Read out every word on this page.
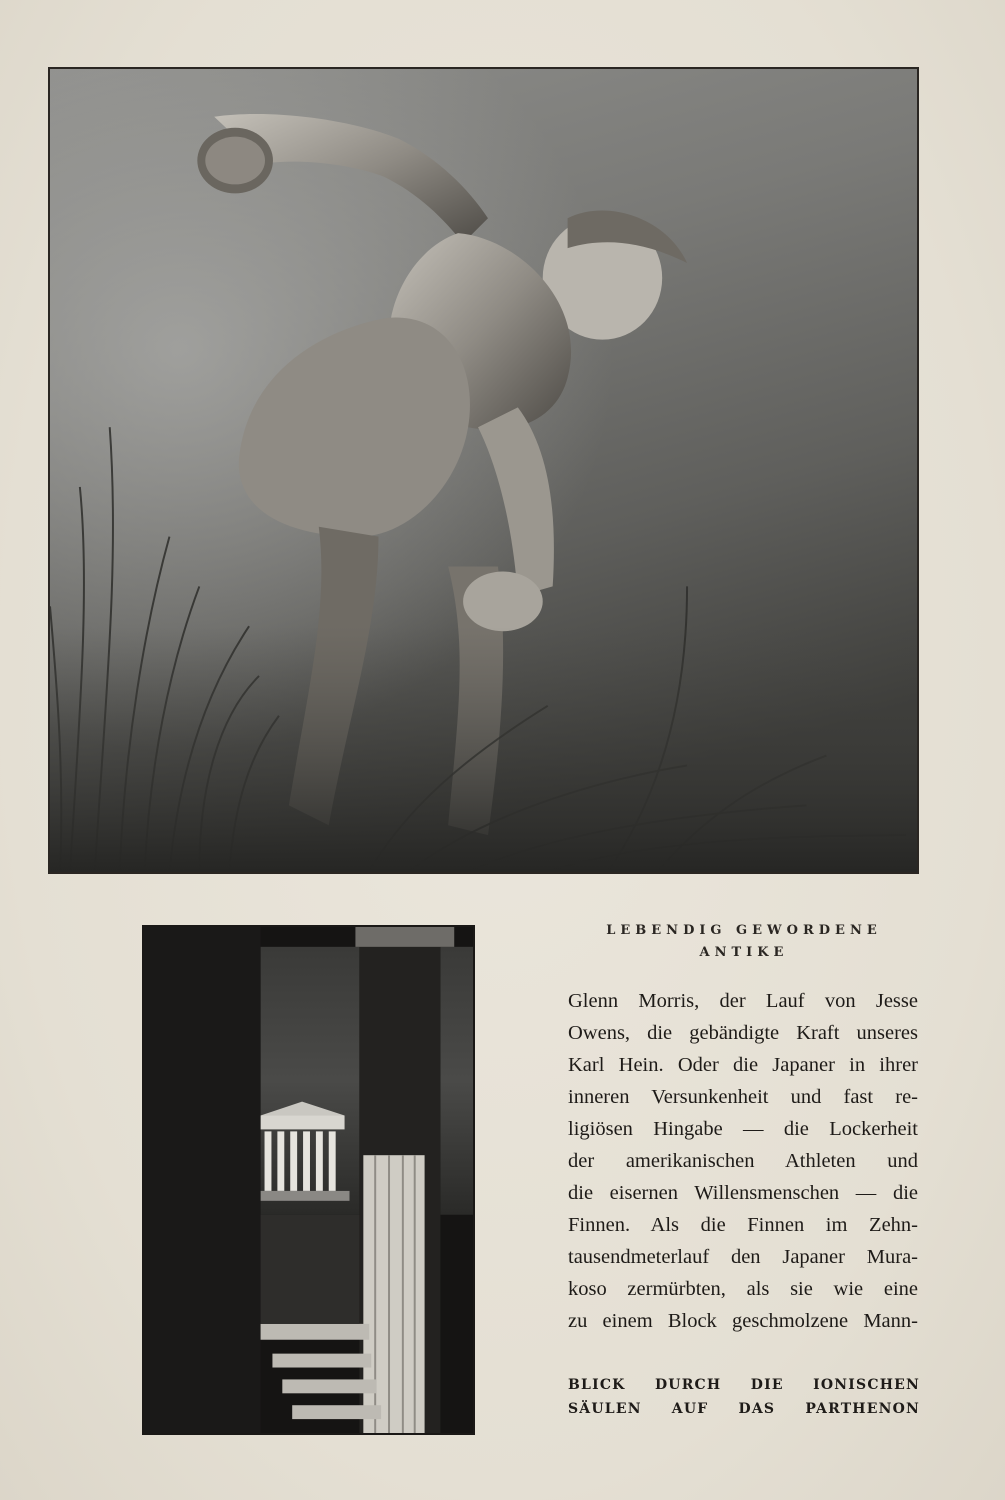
LEBENDIG GEWORDENE
ANTIKE
Glenn Morris, der Lauf von Jesse
Owens, die gebändigte Kraft unseres
Karl Hein. Oder die Japaner in ihrer
inneren Versunkenheit und fast re-
ligiösen Hingabe — die Lockerheit
der amerikanischen Athleten und
die eisernen Willensmenschen — die
Finnen. Als die Finnen im Zehn-
tausendmeterlauf den Japaner Mura-
koso zermürbten, als sie wie eine
zu einem Block geschmolzene Mann-
BLICK DURCH DIE IONISCHEN
SÄULEN AUF DAS PARTHENON
